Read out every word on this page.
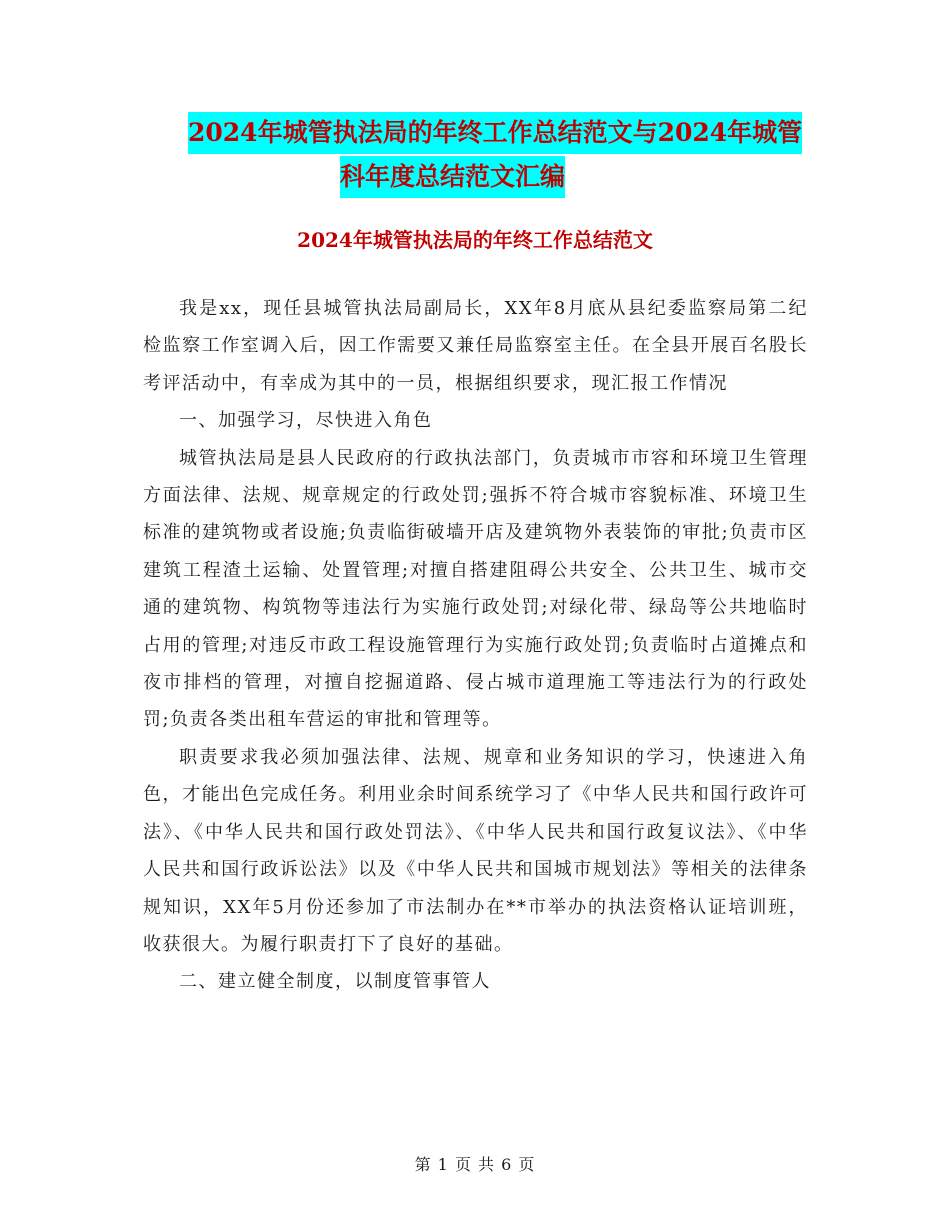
2024年城管执法局的年终工作总结范文与2024年城管
科年度总结范文汇编
2024年城管执法局的年终工作总结范文

我是xx，现任县城管执法局副局长，XX年8月底从县纪委监察局第二纪检监察工作室调入后，因工作需要又兼任局监察室主任。在全县开展百名股长考评活动中，有幸成为其中的一员，根据组织要求，现汇报工作情况

一、加强学习，尽快进入角色

城管执法局是县人民政府的行政执法部门，负责城市市容和环境卫生管理方面法律、法规、规章规定的行政处罚;强拆不符合城市容貌标准、环境卫生标准的建筑物或者设施;负责临街破墙开店及建筑物外表装饰的审批;负责市区建筑工程渣土运输、处置管理;对擅自搭建阻碍公共安全、公共卫生、城市交通的建筑物、构筑物等违法行为实施行政处罚;对绿化带、绿岛等公共地临时占用的管理;对违反市政工程设施管理行为实施行政处罚;负责临时占道摊点和夜市排档的管理，对擅自挖掘道路、侵占城市道理施工等违法行为的行政处罚;负责各类出租车营运的审批和管理等。

职责要求我必须加强法律、法规、规章和业务知识的学习，快速进入角色，才能出色完成任务。利用业余时间系统学习了《中华人民共和国行政许可法》、《中华人民共和国行政处罚法》、《中华人民共和国行政复议法》、《中华人民共和国行政诉讼法》以及《中华人民共和国城市规划法》等相关的法律条规知识，XX年5月份还参加了市法制办在**市举办的执法资格认证培训班，收获很大。为履行职责打下了良好的基础。

二、建立健全制度，以制度管事管人

第 1 页 共 6 页
